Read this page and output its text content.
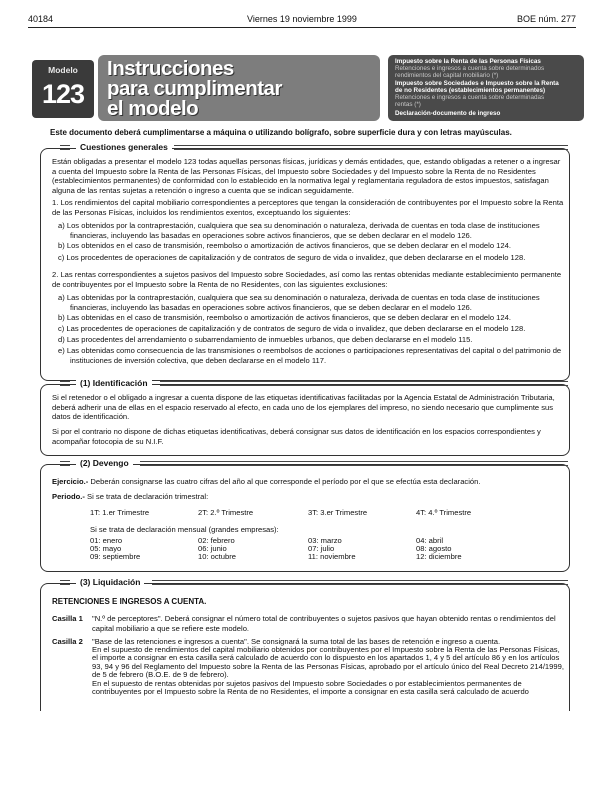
40184	Viernes 19 noviembre 1999	BOE núm. 277
Modelo
123
Instrucciones
para cumplimentar
el modelo
Impuesto sobre la Renta de las Personas Físicas
Retenciones e ingresos a cuenta sobre determinados
rendimientos del capital mobiliario (*)
Impuesto sobre Sociedades e Impuesto sobre la Renta
de no Residentes (establecimientos permanentes)
Retenciones e ingresos a cuenta sobre determinadas
rentas (*)
Declaración-documento de ingreso
Este documento deberá cumplimentarse a máquina o utilizando bolígrafo, sobre superficie dura y con letras mayúsculas.
Cuestiones generales
Están obligadas a presentar el modelo 123 todas aquellas personas físicas, jurídicas y demás entidades, que, estando obligadas a retener o a ingresar a cuenta del Impuesto sobre la Renta de las Personas Físicas, del Impuesto sobre Sociedades y del Impuesto sobre la Renta de no Residentes (establecimientos permanentes) de conformidad con lo establecido en la normativa legal y reglamentaria reguladora de estos impuestos, satisfagan alguna de las rentas sujetas a retención o ingreso a cuenta que se indican seguidamente.
1. Los rendimientos del capital mobiliario correspondientes a perceptores que tengan la consideración de contribuyentes por el Impuesto sobre la Renta de las Personas Físicas, incluidos los rendimientos exentos, exceptuando los siguientes:
a) Los obtenidos por la contraprestación, cualquiera que sea su denominación o naturaleza, derivada de cuentas en toda clase de instituciones financieras, incluyendo las basadas en operaciones sobre activos financieros, que se deben declarar en el modelo 126.
b) Los obtenidos en el caso de transmisión, reembolso o amortización de activos financieros, que se deben declarar en el modelo 124.
c) Los procedentes de operaciones de capitalización y de contratos de seguro de vida o invalidez, que deben declararse en el modelo 128.
2. Las rentas correspondientes a sujetos pasivos del Impuesto sobre Sociedades, así como las rentas obtenidas mediante establecimiento permanente de contribuyentes por el Impuesto sobre la Renta de no Residentes, con las siguientes exclusiones:
a) Las obtenidas por la contraprestación, cualquiera que sea su denominación o naturaleza, derivada de cuentas en toda clase de instituciones financieras, incluyendo las basadas en operaciones sobre activos financieros, que se deben declarar en el modelo 126.
b) Las obtenidas en el caso de transmisión, reembolso o amortización de activos financieros, que se deben declarar en el modelo 124.
c) Las procedentes de operaciones de capitalización y de contratos de seguro de vida o invalidez, que deben declararse en el modelo 128.
d) Las procedentes del arrendamiento o subarrendamiento de inmuebles urbanos, que deben declararse en el modelo 115.
e) Las obtenidas como consecuencia de las transmisiones o reembolsos de acciones o participaciones representativas del capital o del patrimonio de instituciones de inversión colectiva, que deben declararse en el modelo 117.
(1) Identificación
Si el retenedor o el obligado a ingresar a cuenta dispone de las etiquetas identificativas facilitadas por la Agencia Estatal de Administración Tributaria, deberá adherir una de ellas en el espacio reservado al efecto, en cada uno de los ejemplares del impreso, no siendo necesario que cumplimente sus datos de identificación.
Si por el contrario no dispone de dichas etiquetas identificativas, deberá consignar sus datos de identificación en los espacios correspondientes y acompañar fotocopia de su N.I.F.
(2) Devengo
Ejercicio.- Deberán consignarse las cuatro cifras del año al que corresponde el período por el que se efectúa esta declaración.
Periodo.- Si se trata de declaración trimestral:
1T: 1.er Trimestre	2T: 2.º Trimestre	3T: 3.er Trimestre	4T: 4.º Trimestre
Si se trata de declaración mensual (grandes empresas):
01: enero	02: febrero	03: marzo	04: abril
05: mayo	06: junio	07: julio	08: agosto
09: septiembre	10: octubre	11: noviembre	12: diciembre
(3) Liquidación
RETENCIONES E INGRESOS A CUENTA.
Casilla 1	"N.º de perceptores". Deberá consignar el número total de contribuyentes o sujetos pasivos que hayan obtenido rentas o rendimientos del capital mobiliario a que se refiere este modelo.
Casilla 2	"Base de las retenciones e ingresos a cuenta". Se consignará la suma total de las bases de retención e ingreso a cuenta.
En el supuesto de rendimientos del capital mobiliario obtenidos por contribuyentes por el Impuesto sobre la Renta de las Personas Físicas, el importe a consignar en esta casilla será calculado de acuerdo con lo dispuesto en los apartados 1, 4 y 5 del artículo 86 y en los artículos 93, 94 y 96 del Reglamento del Impuesto sobre la Renta de las Personas Físicas, aprobado por el artículo único del Real Decreto 214/1999, de 5 de febrero (B.O.E. de 9 de febrero).
En el supuesto de rentas obtenidas por sujetos pasivos del Impuesto sobre Sociedades o por establecimientos permanentes de contribuyentes por el Impuesto sobre la Renta de no Residentes, el importe a consignar en esta casilla será calculado de acuerdo
